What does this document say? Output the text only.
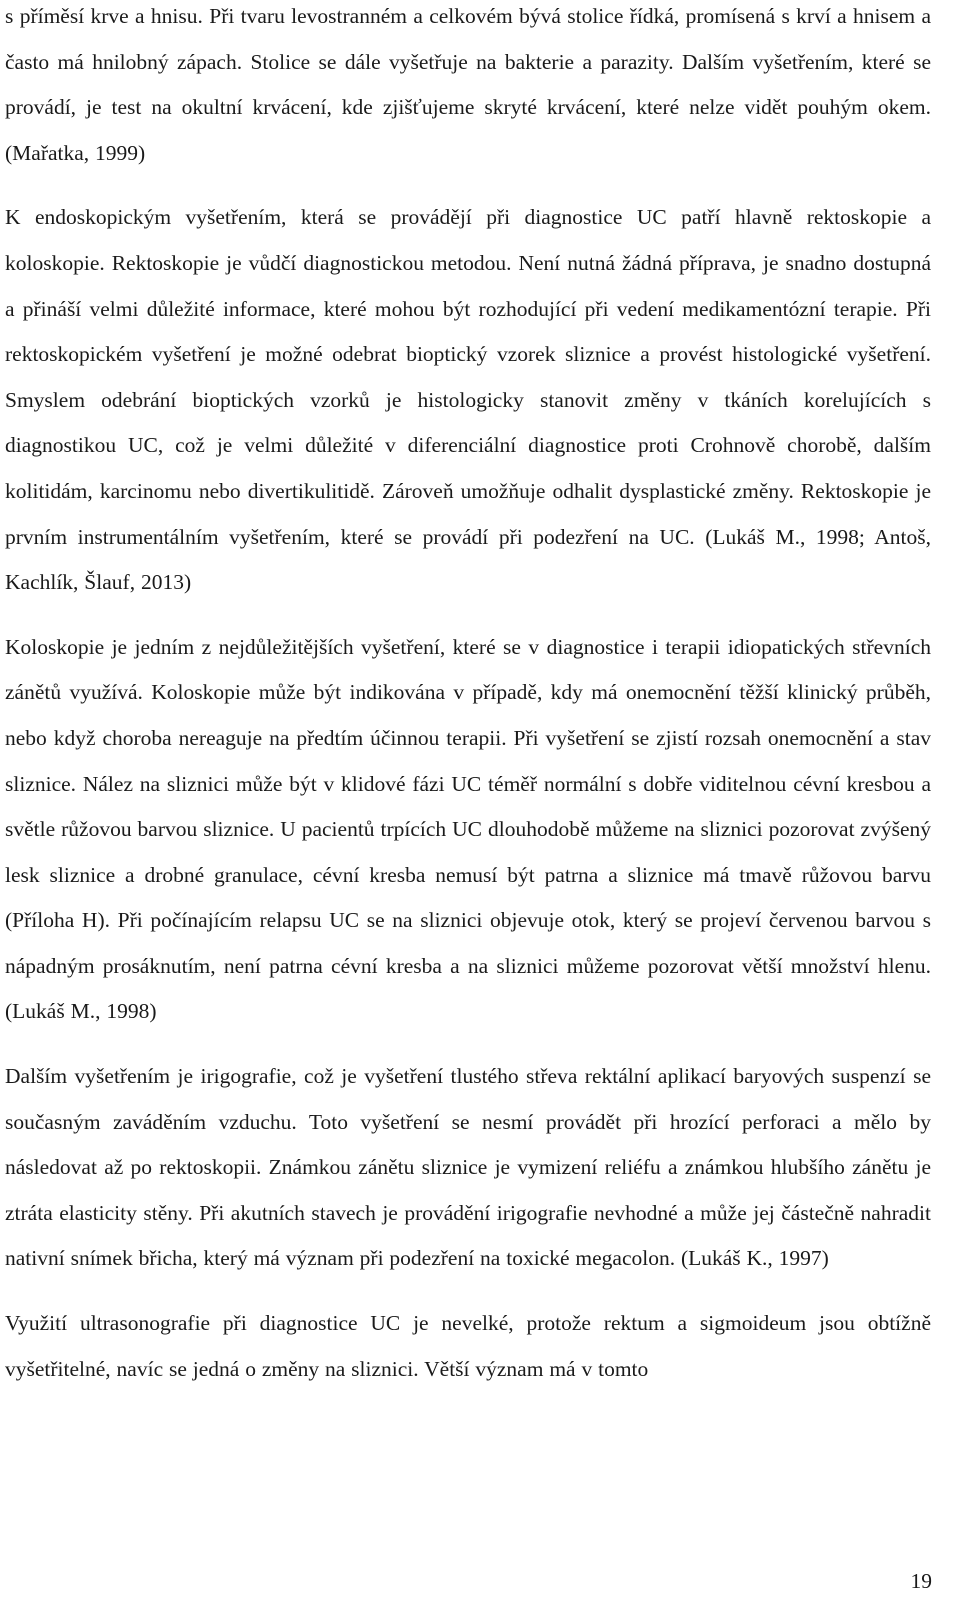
s příměsí krve a hnisu. Při tvaru levostranném a celkovém bývá stolice řídká, promísená s krví a hnisem a často má hnilobný zápach. Stolice se dále vyšetřuje na bakterie a parazity. Dalším vyšetřením, které se provádí, je test na okultní krvácení, kde zjišťujeme skryté krvácení, které nelze vidět pouhým okem. (Mařatka, 1999)

K endoskopickým vyšetřením, která se provádějí při diagnostice UC patří hlavně rektoskopie a koloskopie. Rektoskopie je vůdčí diagnostickou metodou. Není nutná žádná příprava, je snadno dostupná a přináší velmi důležité informace, které mohou být rozhodující při vedení medikamentózní terapie. Při rektoskopickém vyšetření je možné odebrat bioptický vzorek sliznice a provést histologické vyšetření. Smyslem odebrání bioptických vzorků je histologicky stanovit změny v tkáních korelujících s diagnostikou UC, což je velmi důležité v diferenciální diagnostice proti Crohnově chorobě, dalším kolitidám, karcinomu nebo divertikulitidě. Zároveň umožňuje odhalit dysplastické změny. Rektoskopie je prvním instrumentálním vyšetřením, které se provádí při podezření na UC. (Lukáš M., 1998; Antoš, Kachlík, Šlauf, 2013)

Koloskopie je jedním z nejdůležitějších vyšetření, které se v diagnostice i terapii idiopatických střevních zánětů využívá. Koloskopie může být indikována v případě, kdy má onemocnění těžší klinický průběh, nebo když choroba nereaguje na předtím účinnou terapii. Při vyšetření se zjistí rozsah onemocnění a stav sliznice. Nález na sliznici může být v klidové fázi UC téměř normální s dobře viditelnou cévní kresbou a světle růžovou barvou sliznice. U pacientů trpících UC dlouhodobě můžeme na sliznici pozorovat zvýšený lesk sliznice a drobné granulace, cévní kresba nemusí být patrna a sliznice má tmavě růžovou barvu (Příloha H). Při počínajícím relapsu UC se na sliznici objevuje otok, který se projeví červenou barvou s nápadným prosáknutím, není patrna cévní kresba a na sliznici můžeme pozorovat větší množství hlenu. (Lukáš M., 1998)

Dalším vyšetřením je irigografie, což je vyšetření tlustého střeva rektální aplikací baryových suspenzí se současným zaváděním vzduchu. Toto vyšetření se nesmí provádět při hrozící perforaci a mělo by následovat až po rektoskopii. Známkou zánětu sliznice je vymizení reliéfu a známkou hlubšího zánětu je ztráta elasticity stěny. Při akutních stavech je provádění irigografie nevhodné a může jej částečně nahradit nativní snímek břicha, který má význam při podezření na toxické megacolon. (Lukáš K., 1997)

Využití ultrasonografie při diagnostice UC je nevelké, protože rektum a sigmoideum jsou obtížně vyšetřitelné, navíc se jedná o změny na sliznici. Větší význam má v tomto

19
